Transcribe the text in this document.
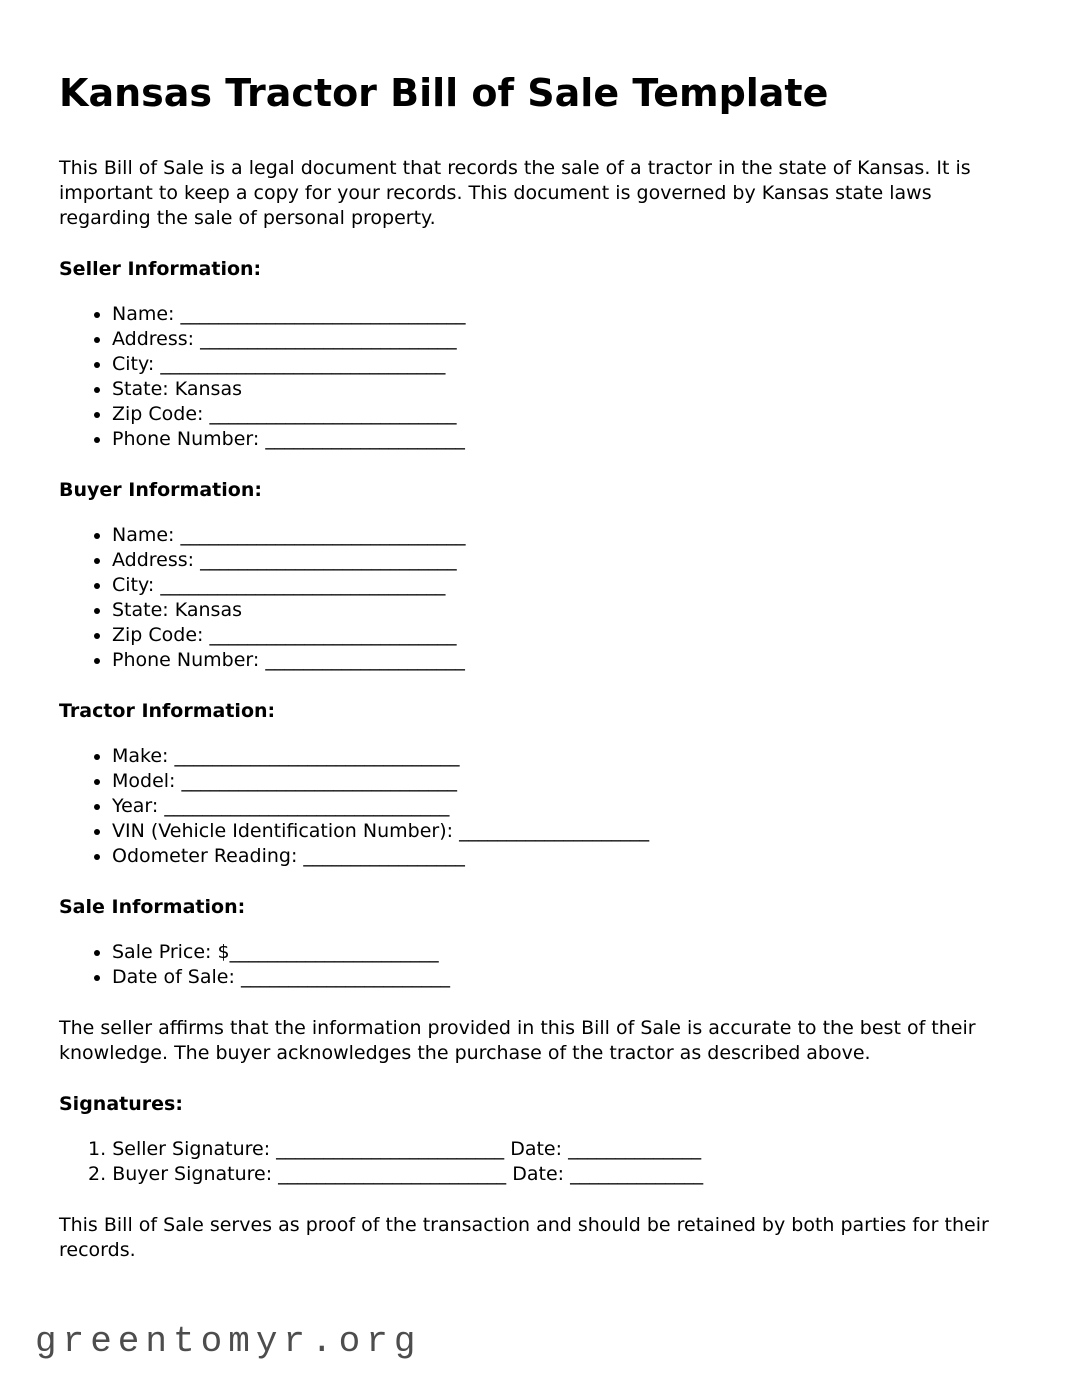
Kansas Tractor Bill of Sale Template

This Bill of Sale is a legal document that records the sale of a tractor in the state of Kansas. It is important to keep a copy for your records. This document is governed by Kansas state laws regarding the sale of personal property.

Seller Information:
• Name: ______________________________
• Address: ___________________________
• City: ______________________________
• State: Kansas
• Zip Code: __________________________
• Phone Number: _____________________
Buyer Information:
• Name: ______________________________
• Address: ___________________________
• City: ______________________________
• State: Kansas
• Zip Code: __________________________
• Phone Number: _____________________
Tractor Information:
• Make: ______________________________
• Model: _____________________________
• Year: ______________________________
• VIN (Vehicle Identification Number): ____________________
• Odometer Reading: _________________
Sale Information:
• Sale Price: $______________________
• Date of Sale: ______________________

The seller affirms that the information provided in this Bill of Sale is accurate to the best of their knowledge. The buyer acknowledges the purchase of the tractor as described above.

Signatures:
1. Seller Signature: ________________________ Date: ______________
2. Buyer Signature: ________________________ Date: ______________

This Bill of Sale serves as proof of the transaction and should be retained by both parties for their records.

greentomyr.org
